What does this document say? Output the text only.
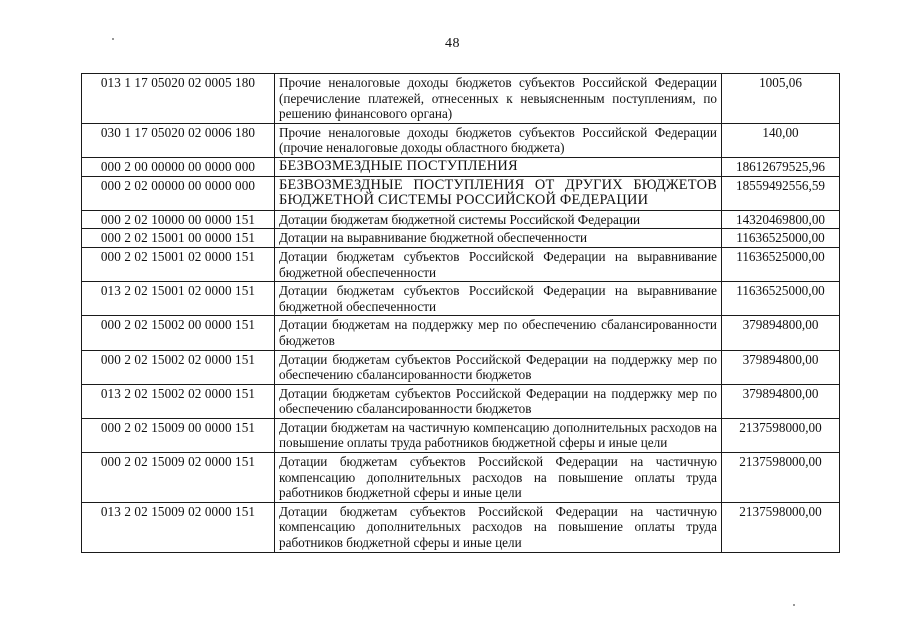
48
013 1 17 05020 02 0005 180	Прочие неналоговые доходы бюджетов субъектов Российской Федерации (перечисление платежей, отнесенных к невыясненным поступлениям, по решению финансового органа)	1005,06
030 1 17 05020 02 0006 180	Прочие неналоговые доходы бюджетов субъектов Российской Федерации (прочие неналоговые доходы областного бюджета)	140,00
000 2 00 00000 00 0000 000	БЕЗВОЗМЕЗДНЫЕ ПОСТУПЛЕНИЯ	18612679525,96
000 2 02 00000 00 0000 000	БЕЗВОЗМЕЗДНЫЕ ПОСТУПЛЕНИЯ ОТ ДРУГИХ БЮДЖЕТОВ БЮДЖЕТНОЙ СИСТЕМЫ РОССИЙСКОЙ ФЕДЕРАЦИИ	18559492556,59
000 2 02 10000 00 0000 151	Дотации бюджетам бюджетной системы Российской Федерации	14320469800,00
000 2 02 15001 00 0000 151	Дотации на выравнивание бюджетной обеспеченности	11636525000,00
000 2 02 15001 02 0000 151	Дотации бюджетам субъектов Российской Федерации на выравнивание бюджетной обеспеченности	11636525000,00
013 2 02 15001 02 0000 151	Дотации бюджетам субъектов Российской Федерации на выравнивание бюджетной обеспеченности	11636525000,00
000 2 02 15002 00 0000 151	Дотации бюджетам на поддержку мер по обеспечению сбалансированности бюджетов	379894800,00
000 2 02 15002 02 0000 151	Дотации бюджетам субъектов Российской Федерации на поддержку мер по обеспечению сбалансированности бюджетов	379894800,00
013 2 02 15002 02 0000 151	Дотации бюджетам субъектов Российской Федерации на поддержку мер по обеспечению сбалансированности бюджетов	379894800,00
000 2 02 15009 00 0000 151	Дотации бюджетам на частичную компенсацию дополнительных расходов на повышение оплаты труда работников бюджетной сферы и иные цели	2137598000,00
000 2 02 15009 02 0000 151	Дотации бюджетам субъектов Российской Федерации на частичную компенсацию дополнительных расходов на повышение оплаты труда работников бюджетной сферы и иные цели	2137598000,00
013 2 02 15009 02 0000 151	Дотации бюджетам субъектов Российской Федерации на частичную компенсацию дополнительных расходов на повышение оплаты труда работников бюджетной сферы и иные цели	2137598000,00
